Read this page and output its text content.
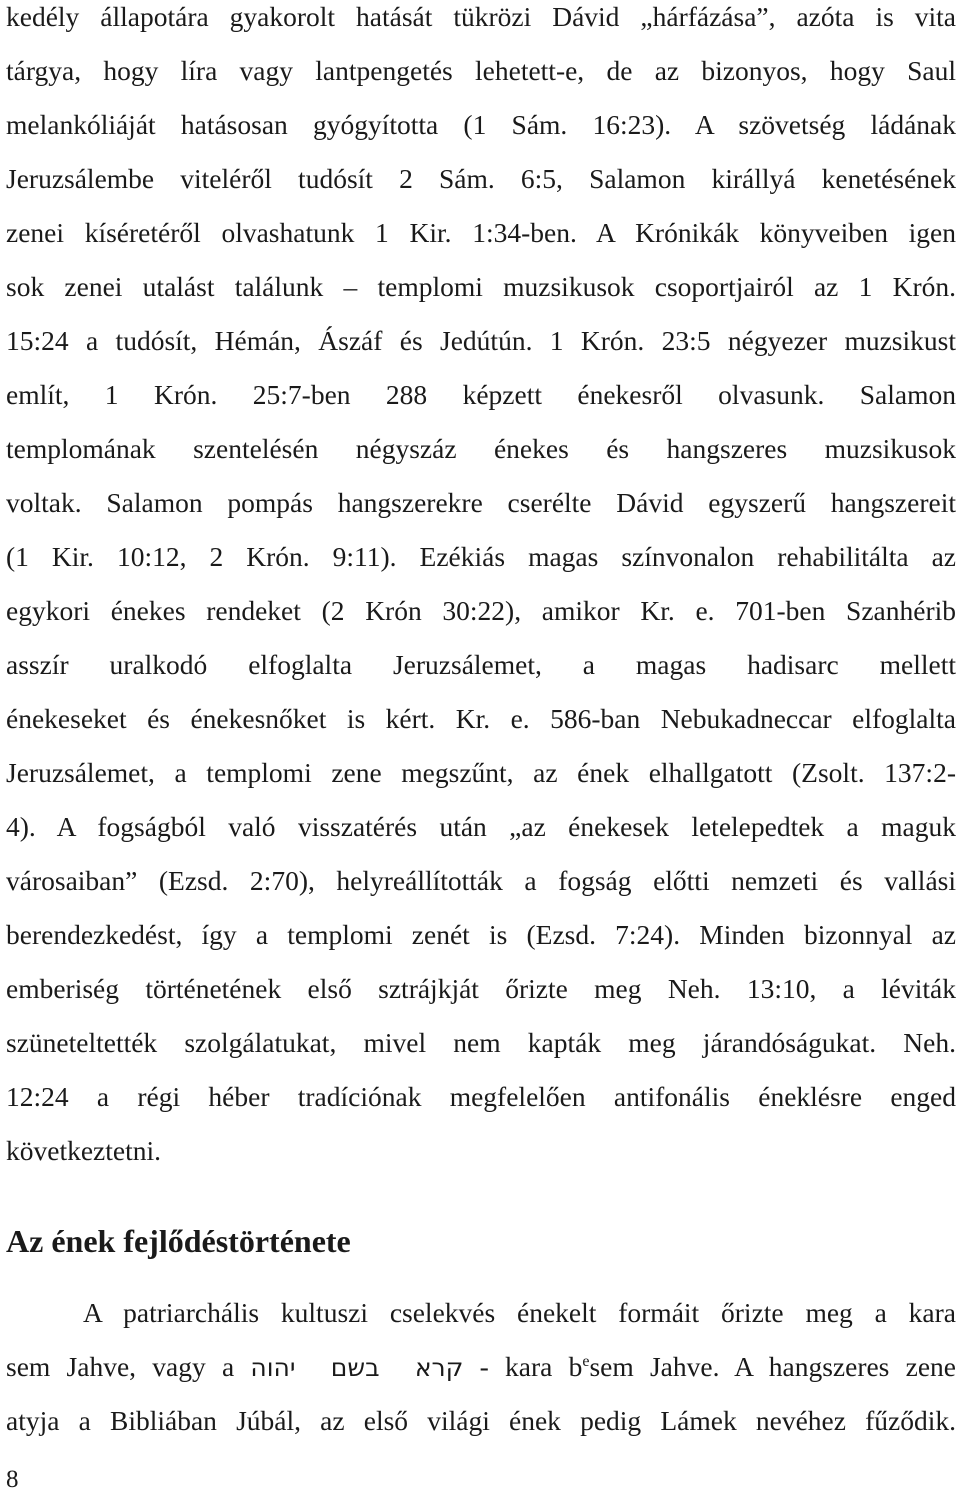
kedély állapotára gyakorolt hatását tükrözi Dávid „hárfázása”, azóta is vita
tárgya, hogy líra vagy lantpengetés lehetett-e, de az bizonyos, hogy Saul
melankóliáját hatásosan gyógyította (1 Sám. 16:23). A szövetség ládának
Jeruzsálembe viteléről tudósít 2 Sám. 6:5, Salamon királlyá kenetésének
zenei kíséretéről olvashatunk 1 Kir. 1:34-ben. A Krónikák könyveiben igen
sok zenei utalást találunk – templomi muzsikusok csoportjairól az 1 Krón.
15:24 a tudósít, Hémán, Ászáf és Jedútún. 1 Krón. 23:5 négyezer muzsikust
említ, 1 Krón. 25:7-ben 288 képzett énekesről olvasunk. Salamon
templomának szentelésén négyszáz énekes és hangszeres muzsikusok
voltak. Salamon pompás hangszerekre cserélte Dávid egyszerű hangszereit
(1 Kir. 10:12, 2 Krón. 9:11). Ezékiás magas színvonalon rehabilitálta az
egykori énekes rendeket (2 Krón 30:22), amikor Kr. e. 701-ben Szanhérib
asszír uralkodó elfoglalta Jeruzsálemet, a magas hadisarc mellett
énekeseket és énekesnőket is kért. Kr. e. 586-ban Nebukadneccar elfoglalta
Jeruzsálemet, a templomi zene megszűnt, az ének elhallgatott (Zsolt. 137:2-
4). A fogságból való visszatérés után „az énekesek letelepedtek a maguk
városaiban” (Ezsd. 2:70), helyreállították a fogság előtti nemzeti és vallási
berendezkedést, így a templomi zenét is (Ezsd. 7:24). Minden bizonnyal az
emberiség történetének első sztrájkját őrizte meg Neh. 13:10, a léviták
szüneteltették szolgálatukat, mivel nem kapták meg járandóságukat. Neh.
12:24 a régi héber tradíciónak megfelelően antifonális éneklésre enged
következtetni.
Az ének fejlődéstörténete
A patriarchális kultuszi cselekvés énekelt formáit őrizte meg a kara
sem Jahve, vagy a קרא בשם יהוה - kara $b^esem$ Jahve. A hangszeres zene
atyja a Bibliában Júbál, az első világi ének pedig Lámek nevéhez fűződik.
8
